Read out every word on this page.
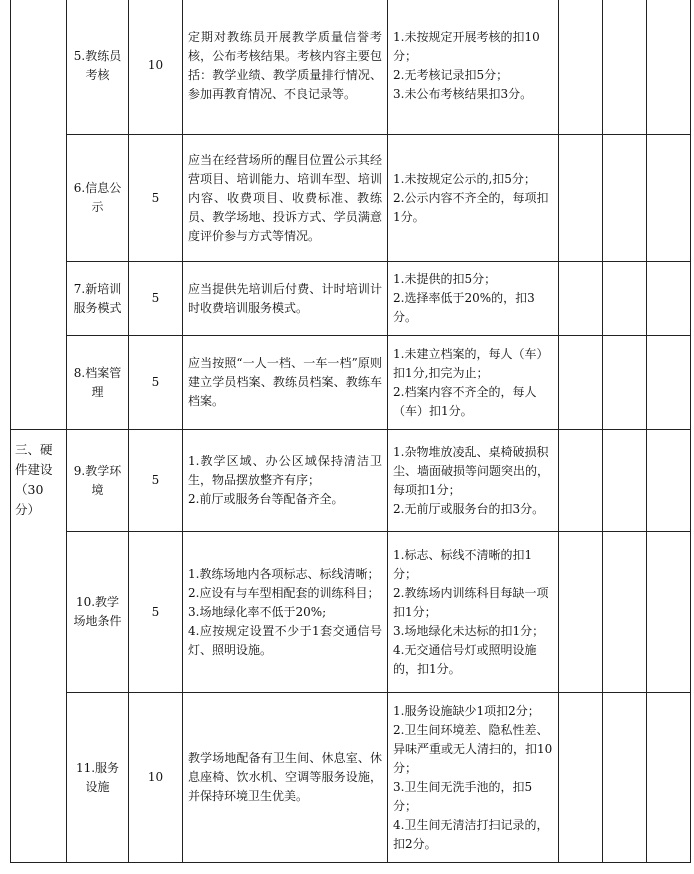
	5.教练员考核	10	定期对教练员开展教学质量信誉考核，公布考核结果。考核内容主要包括：教学业绩、教学质量排行情况、参加再教育情况、不良记录等。	1.未按规定开展考核的扣10分；
2.无考核记录扣5分；
3.未公布考核结果扣3分。			

	6.信息公示	5	应当在经营场所的醒目位置公示其经营项目、培训能力、培训车型、培训内容、收费项目、收费标准、教练员、教学场地、投诉方式、学员满意度评价参与方式等情况。	1.未按规定公示的,扣5分；
2.公示内容不齐全的，每项扣1分。			

	7.新培训服务模式	5	应当提供先培训后付费、计时培训计时收费培训服务模式。	1.未提供的扣5分；
2.选择率低于20%的，扣3分。			

	8.档案管理	5	应当按照“一人一档、一车一档”原则建立学员档案、教练员档案、教练车档案。	1.未建立档案的，每人（车）扣1分,扣完为止；
2.档案内容不齐全的，每人（车）扣1分。			

三、硬件建设（30分）	9.教学环境	5	1.教学区域、办公区域保持清洁卫生，物品摆放整齐有序；
2.前厅或服务台等配备齐全。	1.杂物堆放凌乱、桌椅破损积尘、墙面破损等问题突出的，每项扣1分；
2.无前厅或服务台的扣3分。			

	10.教学场地条件	5	1.教练场地内各项标志、标线清晰；
2.应设有与车型相配套的训练科目；
3.场地绿化率不低于20%;
4.应按规定设置不少于1套交通信号灯、照明设施。	1.标志、标线不清晰的扣1分；
2.教练场内训练科目每缺一项扣1分；
3.场地绿化未达标的扣1分；
4.无交通信号灯或照明设施的，扣1分。			

	11.服务设施	10	教学场地配备有卫生间、休息室、休息座椅、饮水机、空调等服务设施，并保持环境卫生优美。	1.服务设施缺少1项扣2分；
2.卫生间环境差、隐私性差、异味严重或无人清扫的，扣10分；
3.卫生间无洗手池的，扣5分；
4.卫生间无清洁打扫记录的，扣2分。			
